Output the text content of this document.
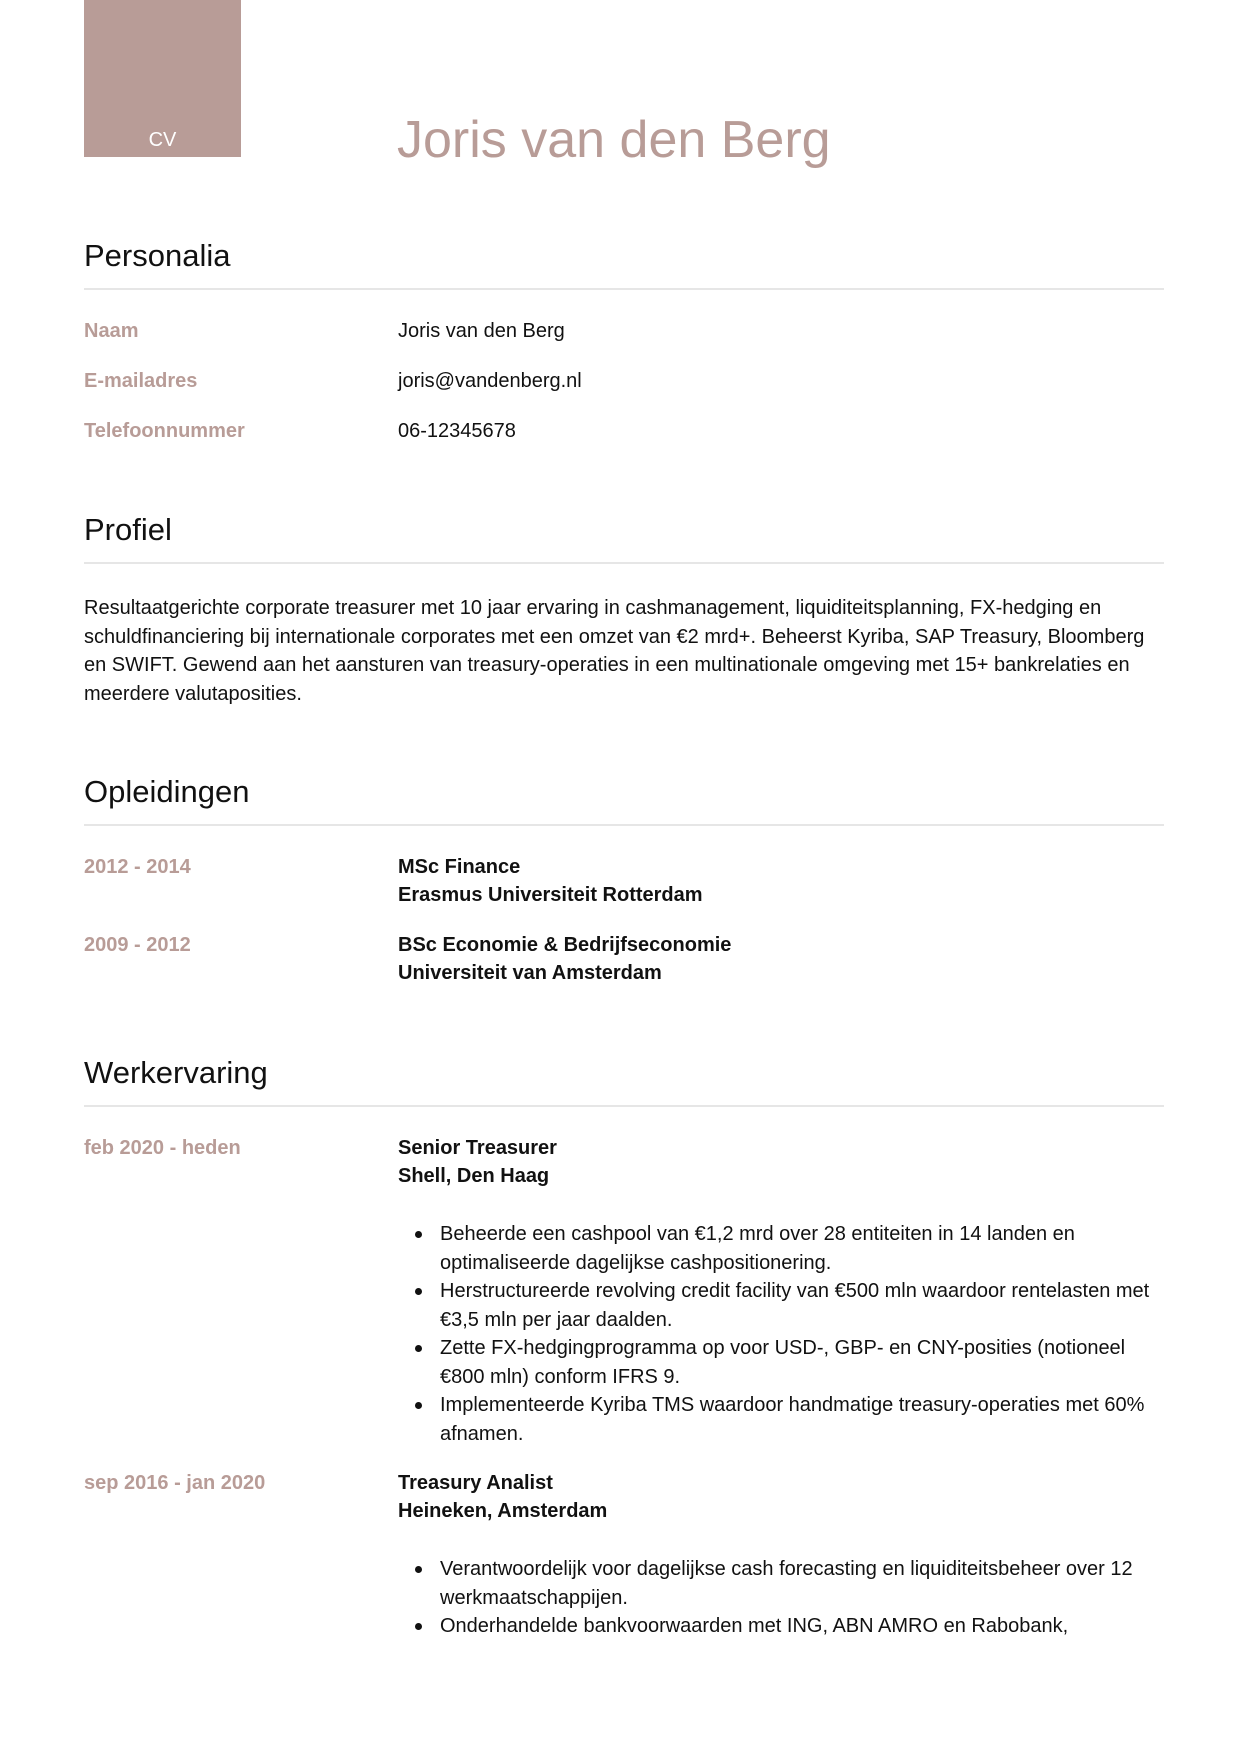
CV	Joris van den Berg
Personalia
Naam	Joris van den Berg
E-mailadres	joris@vandenberg.nl
Telefoonnummer	06-12345678
Profiel
Resultaatgerichte corporate treasurer met 10 jaar ervaring in cashmanagement, liquiditeitsplanning, FX-hedging en schuldfinanciering bij internationale corporates met een omzet van €2 mrd+. Beheerst Kyriba, SAP Treasury, Bloomberg en SWIFT. Gewend aan het aansturen van treasury-operaties in een multinationale omgeving met 15+ bankrelaties en meerdere valutaposities.
Opleidingen
2012 - 2014	MSc Finance
Erasmus Universiteit Rotterdam
2009 - 2012	BSc Economie & Bedrijfseconomie
Universiteit van Amsterdam
Werkervaring
feb 2020 - heden	Senior Treasurer
Shell, Den Haag
Beheerde een cashpool van €1,2 mrd over 28 entiteiten in 14 landen en optimaliseerde dagelijkse cashpositionering.
Herstructureerde revolving credit facility van €500 mln waardoor rentelasten met €3,5 mln per jaar daalden.
Zette FX-hedgingprogramma op voor USD-, GBP- en CNY-posities (notioneel €800 mln) conform IFRS 9.
Implementeerde Kyriba TMS waardoor handmatige treasury-operaties met 60% afnamen.
sep 2016 - jan 2020	Treasury Analist
Heineken, Amsterdam
Verantwoordelijk voor dagelijkse cash forecasting en liquiditeitsbeheer over 12 werkmaatschappijen.
Onderhandelde bankvoorwaarden met ING, ABN AMRO en Rabobank,
